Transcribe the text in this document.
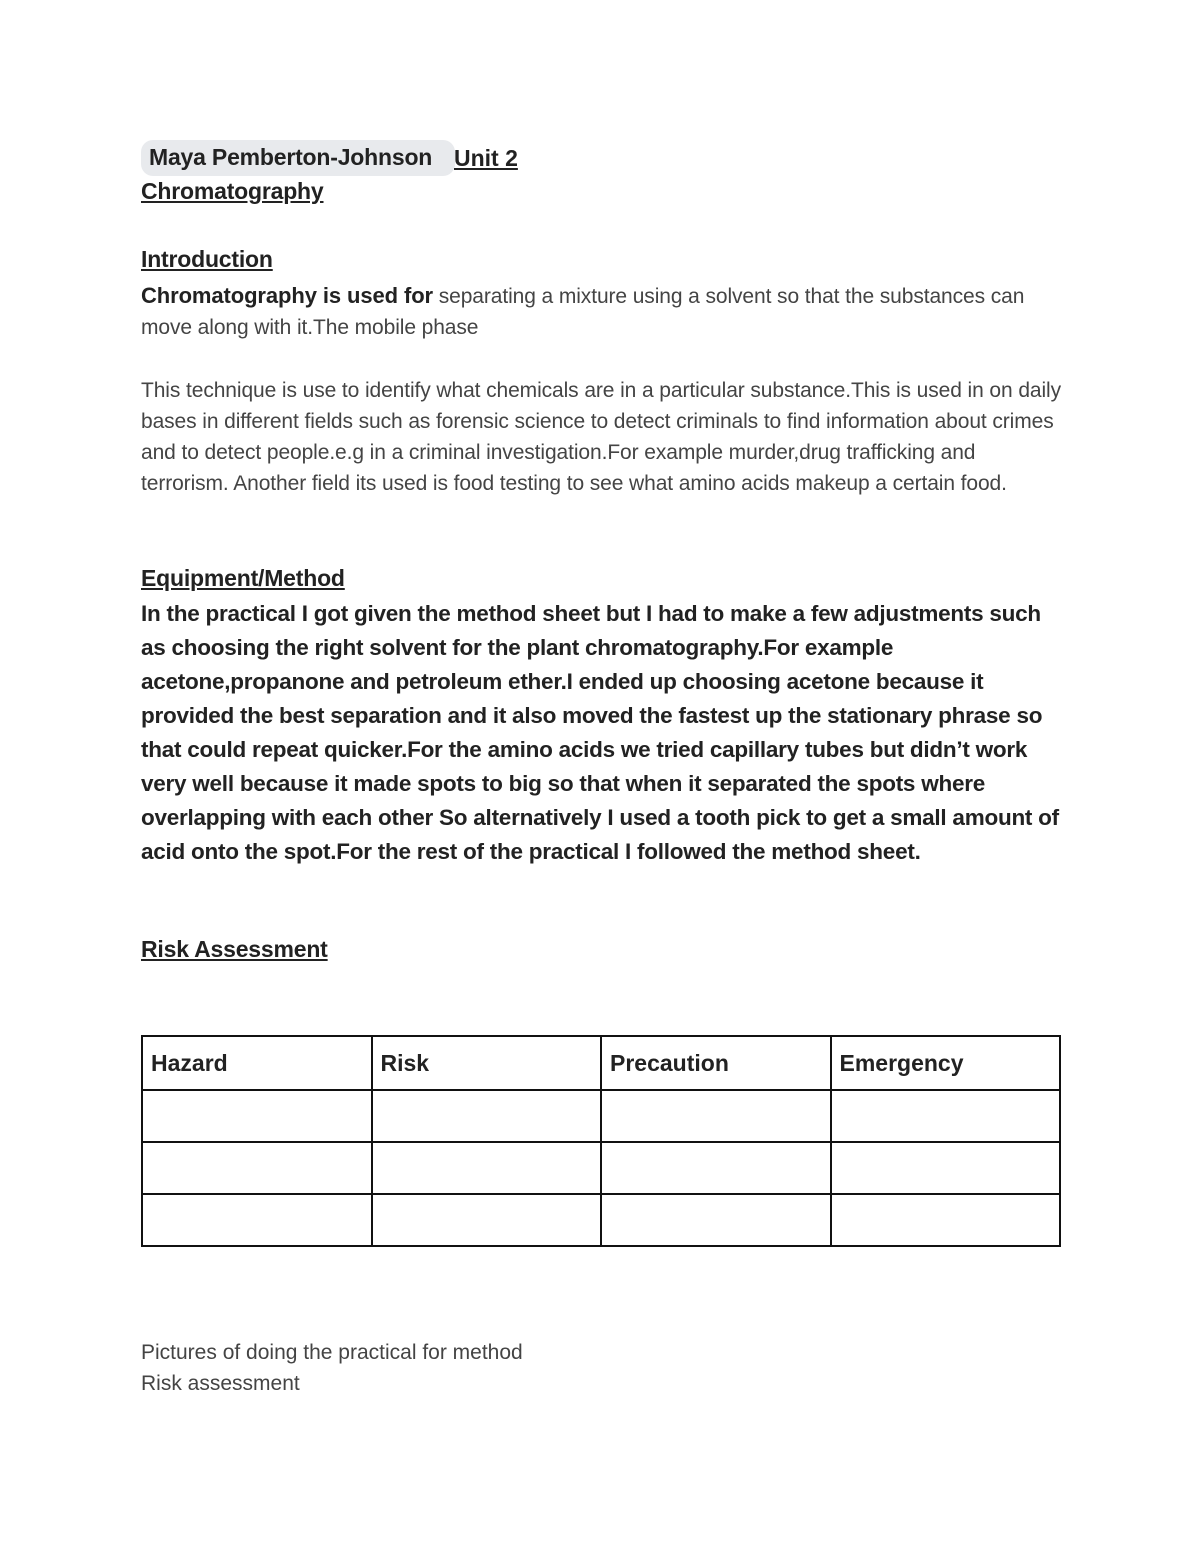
Maya Pemberton-Johnson Unit 2
Chromatography
Introduction
Chromatography is used for separating a mixture using a solvent so that the substances can move along with it.The mobile phase
This technique is use to identify what chemicals are in a particular substance.This is used in on daily bases in different fields such as forensic science to detect criminals to find information about crimes and to detect people.e.g in a criminal investigation.For example murder,drug trafficking and terrorism. Another field its used is food testing to see what amino acids makeup a certain food.
Equipment/Method
In the practical I got given the method sheet but I had to make a few adjustments such as choosing the right solvent for the plant chromatography.For example acetone,propanone and petroleum ether.I ended up choosing acetone because it provided the best separation and it also moved the fastest up the stationary phrase so that could repeat quicker.For the amino acids we tried capillary tubes but didn’t work very well because it made spots to big so that when it separated the spots where overlapping with each other So alternatively I used a tooth pick to get a small amount of acid onto the spot.For the rest of the practical I followed the method sheet.
Risk Assessment
Hazard	Risk	Precaution	Emergency

Pictures of doing the practical for method
Risk assessment
